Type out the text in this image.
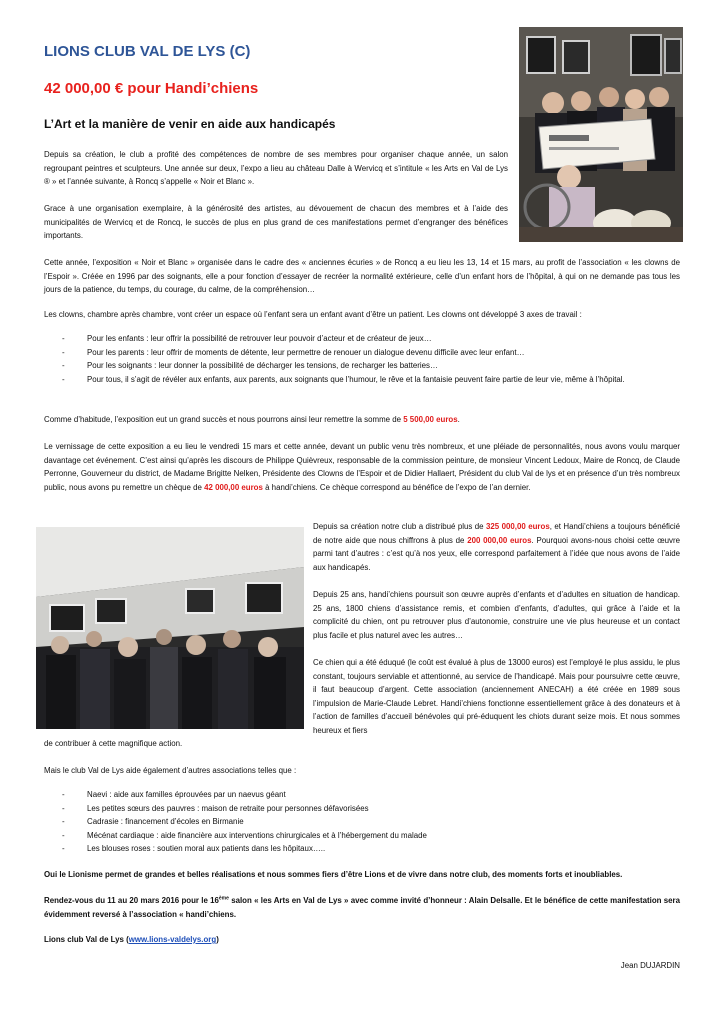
LIONS CLUB VAL DE LYS (C)
42 000,00 € pour Handi’chiens
L’Art et la manière de venir en aide aux handicapés
Depuis sa création, le club a profité des compétences de nombre de ses membres pour organiser chaque année, un salon regroupant peintres et sculpteurs. Une année sur deux, l’expo a lieu au château Dalle à Wervicq et s’intitule « les Arts en Val de Lys ® » et l’année suivante, à Roncq s’appelle « Noir et Blanc ».
Grace à une organisation exemplaire, à la générosité des artistes, au dévouement de chacun des membres et à l’aide des municipalités de Wervicq et de Roncq, le succès de plus en plus grand de ces manifestations permet d’engranger des bénéfices importants.
Cette année, l’exposition « Noir et Blanc » organisée dans le cadre des « anciennes écuries » de Roncq a eu lieu les 13, 14 et 15 mars, au profit de l’association « les clowns de l’Espoir ». Créée en 1996 par des soignants, elle a pour fonction d’essayer de recréer la normalité extérieure, celle d’un enfant hors de l’hôpital, à qui on ne demande pas tous les jours de la patience, du temps, du courage, du calme, de la compréhension…
Les clowns, chambre après chambre, vont créer un espace où l’enfant sera un enfant avant d’être un patient. Les clowns ont développé 3 axes de travail :
-	Pour les enfants : leur offrir la possibilité de retrouver leur pouvoir d’acteur et de créateur de jeux…
-	Pour les parents : leur offrir de moments de détente, leur permettre de renouer un dialogue devenu difficile avec leur enfant…
-	Pour les soignants : leur donner la possibilité de décharger les tensions, de recharger les batteries…
-	Pour tous, il s’agit de révéler aux enfants, aux parents, aux soignants que l’humour, le rêve et la fantaisie peuvent faire partie de leur vie, même à l’hôpital.
Comme d’habitude, l’exposition eut un grand succès et nous pourrons ainsi leur remettre la somme de 5 500,00 euros.
Le vernissage de cette exposition a eu lieu le vendredi 15 mars et cette année, devant un public venu très nombreux, et une pléiade de personnalités, nous avons voulu marquer davantage cet événement. C’est ainsi qu’après les discours de Philippe Quièvreux, responsable de la commission peinture, de monsieur Vincent Ledoux, Maire de Roncq, de Claude Perronne, Gouverneur du district, de Madame Brigitte Nelken, Présidente des Clowns de l’Espoir et de Didier Hallaert, Président du club Val de lys et en présence d’un très nombreux public, nous avons pu remettre un chèque de 42 000,00 euros à handi’chiens. Ce chèque correspond au bénéfice de l’expo de l’an dernier.
Depuis sa création notre club a distribué plus de 325 000,00 euros, et Handi’chiens a toujours bénéficié de notre aide que nous chiffrons à plus de 200 000,00 euros. Pourquoi avons-nous choisi cette œuvre parmi tant d’autres : c’est qu’à nos yeux, elle correspond parfaitement à l’idée que nous avons de l’aide aux handicapés.
Depuis 25 ans, handi’chiens poursuit son œuvre auprès d’enfants et d’adultes en situation de handicap. 25 ans, 1800 chiens d’assistance remis, et combien d’enfants, d’adultes, qui grâce à l’aide et la complicité du chien, ont pu retrouver plus d’autonomie, construire une vie plus heureuse et un contact plus facile et plus naturel avec les autres…
Ce chien qui a été éduqué (le coût est évalué à plus de 13000 euros) est l’employé le plus assidu, le plus constant, toujours serviable et attentionné, au service de l’handicapé. Mais pour poursuivre cette œuvre, il faut beaucoup d’argent. Cette association (anciennement ANECAH) a été créée en 1989 sous l’impulsion de Marie-Claude Lebret. Handi’chiens fonctionne essentiellement grâce à des donateurs et à l’action de familles d’accueil bénévoles qui pré-éduquent les chiots durant seize mois. Et nous sommes heureux et fiers
de contribuer à cette magnifique action.
Mais le club Val de Lys aide également d’autres associations telles que :
-	Naevi : aide aux familles éprouvées par un naevus géant
-	Les petites sœurs des pauvres : maison de retraite pour personnes défavorisées
-	Cadrasie : financement d’écoles en Birmanie
-	Mécénat cardiaque : aide financière aux interventions chirurgicales et à l’hébergement du malade
-	Les blouses roses : soutien moral aux patients dans les hôpitaux…..
Oui le Lionisme permet de grandes et belles réalisations et nous sommes fiers d’être Lions et de vivre dans notre club, des moments forts et inoubliables.
Rendez-vous du 11 au 20 mars 2016 pour le 16ème salon « les Arts en Val de Lys » avec comme invité d’honneur : Alain Delsalle. Et le bénéfice de cette manifestation sera évidemment reversé à l’association « handi’chiens.
Lions club Val de Lys (www.lions-valdelys.org)
Jean DUJARDIN
